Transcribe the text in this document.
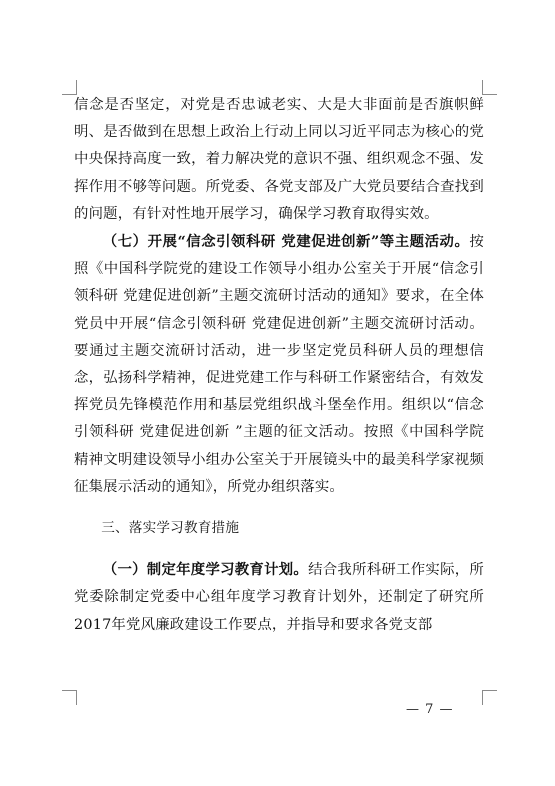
信念是否坚定，对党是否忠诚老实、大是大非面前是否旗帜鲜明、是否做到在思想上政治上行动上同以习近平同志为核心的党中央保持高度一致，着力解决党的意识不强、组织观念不强、发挥作用不够等问题。所党委、各党支部及广大党员要结合查找到的问题，有针对性地开展学习，确保学习教育取得实效。

（七）开展“信念引领科研 党建促进创新”等主题活动。按照《中国科学院党的建设工作领导小组办公室关于开展“信念引领科研 党建促进创新”主题交流研讨活动的通知》要求，在全体党员中开展“信念引领科研 党建促进创新”主题交流研讨活动。要通过主题交流研讨活动，进一步坚定党员科研人员的理想信念，弘扬科学精神，促进党建工作与科研工作紧密结合，有效发挥党员先锋模范作用和基层党组织战斗堡垒作用。组织以“信念引领科研 党建促进创新 ”主题的征文活动。按照《中国科学院精神文明建设领导小组办公室关于开展镜头中的最美科学家视频征集展示活动的通知》，所党办组织落实。

三、落实学习教育措施

（一）制定年度学习教育计划。结合我所科研工作实际，所党委除制定党委中心组年度学习教育计划外，还制定了研究所2017年党风廉政建设工作要点，并指导和要求各党支部

— 7 —
